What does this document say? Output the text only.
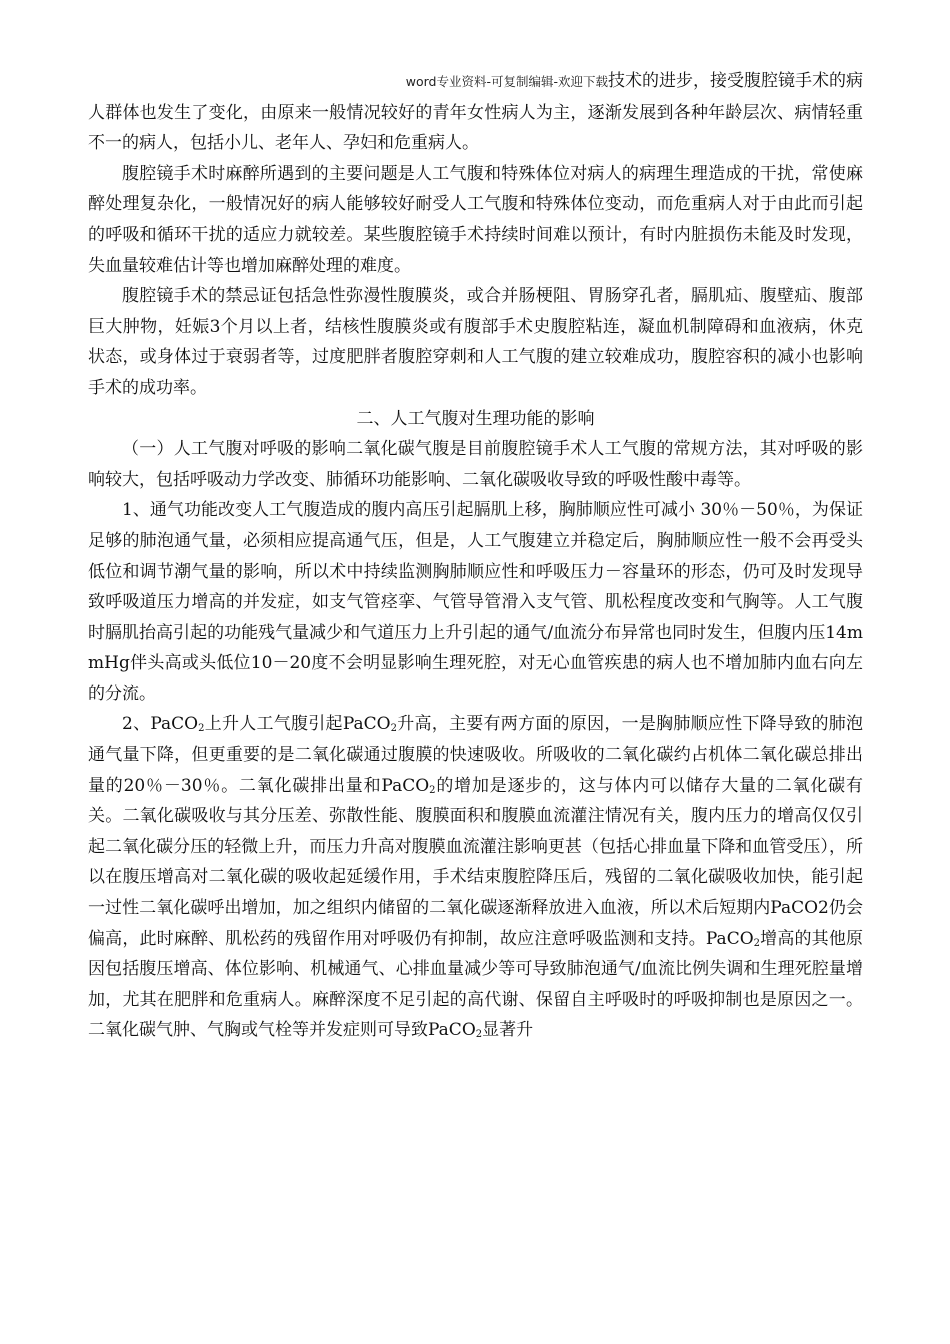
word专业资料-可复制编辑-欢迎下载技术的进步，接受腹腔镜手术的病
人群体也发生了变化，由原来一般情况较好的青年女性病人为主，逐渐发展到各种年龄层次、病情轻重不一的病人，包括小儿、老年人、孕妇和危重病人。

腹腔镜手术时麻醉所遇到的主要问题是人工气腹和特殊体位对病人的病理生理造成的干扰，常使麻醉处理复杂化，一般情况好的病人能够较好耐受人工气腹和特殊体位变动，而危重病人对于由此而引起的呼吸和循环干扰的适应力就较差。某些腹腔镜手术持续时间难以预计，有时内脏损伤未能及时发现，失血量较难估计等也增加麻醉处理的难度。

腹腔镜手术的禁忌证包括急性弥漫性腹膜炎，或合并肠梗阻、胃肠穿孔者，膈肌疝、腹壁疝、腹部巨大肿物，妊娠3个月以上者，结核性腹膜炎或有腹部手术史腹腔粘连，凝血机制障碍和血液病，休克状态，或身体过于衰弱者等，过度肥胖者腹腔穿刺和人工气腹的建立较难成功，腹腔容积的减小也影响手术的成功率。

二、人工气腹对生理功能的影响

（一）人工气腹对呼吸的影响二氧化碳气腹是目前腹腔镜手术人工气腹的常规方法，其对呼吸的影响较大，包括呼吸动力学改变、肺循环功能影响、二氧化碳吸收导致的呼吸性酸中毒等。

1、通气功能改变人工气腹造成的腹内高压引起膈肌上移，胸肺顺应性可减小 30％－50％，为保证足够的肺泡通气量，必须相应提高通气压，但是，人工气腹建立并稳定后，胸肺顺应性一般不会再受头低位和调节潮气量的影响，所以术中持续监测胸肺顺应性和呼吸压力－容量环的形态，仍可及时发现导致呼吸道压力增高的并发症，如支气管痉挛、气管导管滑入支气管、肌松程度改变和气胸等。人工气腹时膈肌抬高引起的功能残气量减少和气道压力上升引起的通气/血流分布异常也同时发生，但腹内压14mmHg伴头高或头低位10－20度不会明显影响生理死腔，对无心血管疾患的病人也不增加肺内血右向左的分流。

2、PaCO$_2$上升人工气腹引起PaCO$_2$升高，主要有两方面的原因，一是胸肺顺应性下降导致的肺泡通气量下降，但更重要的是二氧化碳通过腹膜的快速吸收。所吸收的二氧化碳约占机体二氧化碳总排出量的20％－30％。二氧化碳排出量和PaCO$_2$的增加是逐步的，这与体内可以储存大量的二氧化碳有关。二氧化碳吸收与其分压差、弥散性能、腹膜面积和腹膜血流灌注情况有关，腹内压力的增高仅仅引起二氧化碳分压的轻微上升，而压力升高对腹膜血流灌注影响更甚（包括心排血量下降和血管受压），所以在腹压增高对二氧化碳的吸收起延缓作用，手术结束腹腔降压后，残留的二氧化碳吸收加快，能引起一过性二氧化碳呼出增加，加之组织内储留的二氧化碳逐渐释放进入血液，所以术后短期内PaCO2仍会偏高，此时麻醉、肌松药的残留作用对呼吸仍有抑制，故应注意呼吸监测和支持。PaCO$_2$增高的其他原因包括腹压增高、体位影响、机械通气、心排血量减少等可导致肺泡通气/血流比例失调和生理死腔量增加，尤其在肥胖和危重病人。麻醉深度不足引起的高代谢、保留自主呼吸时的呼吸抑制也是原因之一。二氧化碳气肿、气胸或气栓等并发症则可导致PaCO$_2$显著升
